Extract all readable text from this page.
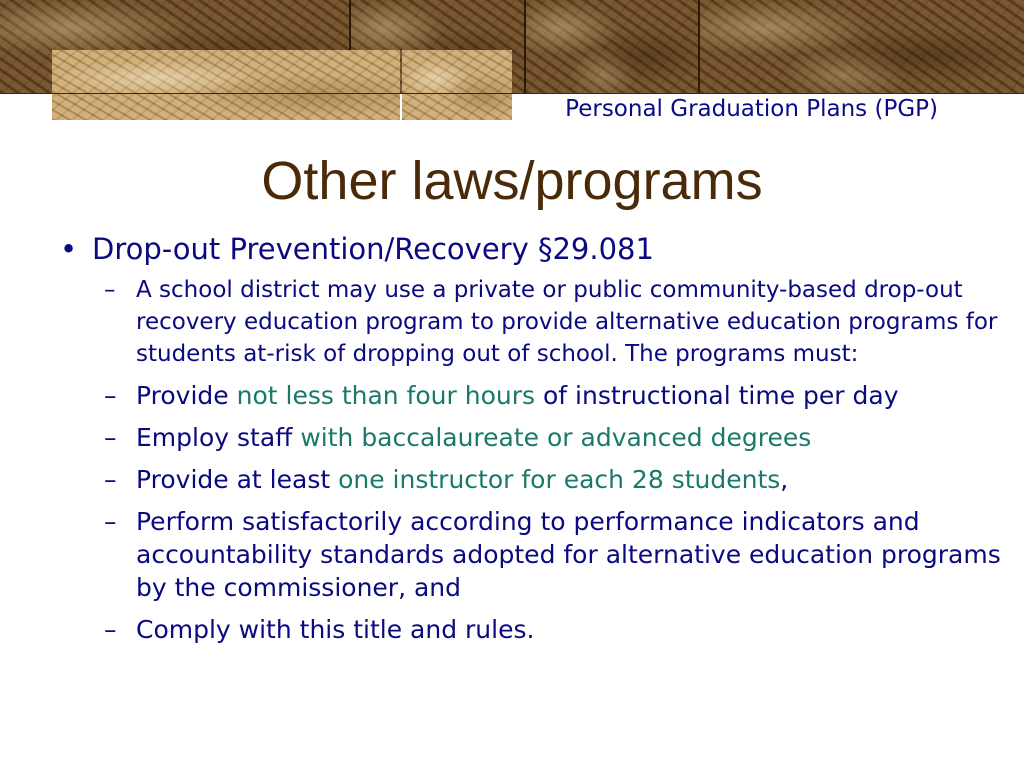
Personal Graduation Plans (PGP)
Other laws/programs
• Drop-out Prevention/Recovery §29.081
– A school district may use a private or public community-based drop-out recovery education program to provide alternative education programs for students at-risk of dropping out of school. The programs must:
– Provide not less than four hours of instructional time per day
– Employ staff with baccalaureate or advanced degrees
– Provide at least one instructor for each 28 students,
– Perform satisfactorily according to performance indicators and accountability standards adopted for alternative education programs by the commissioner, and
– Comply with this title and rules.
